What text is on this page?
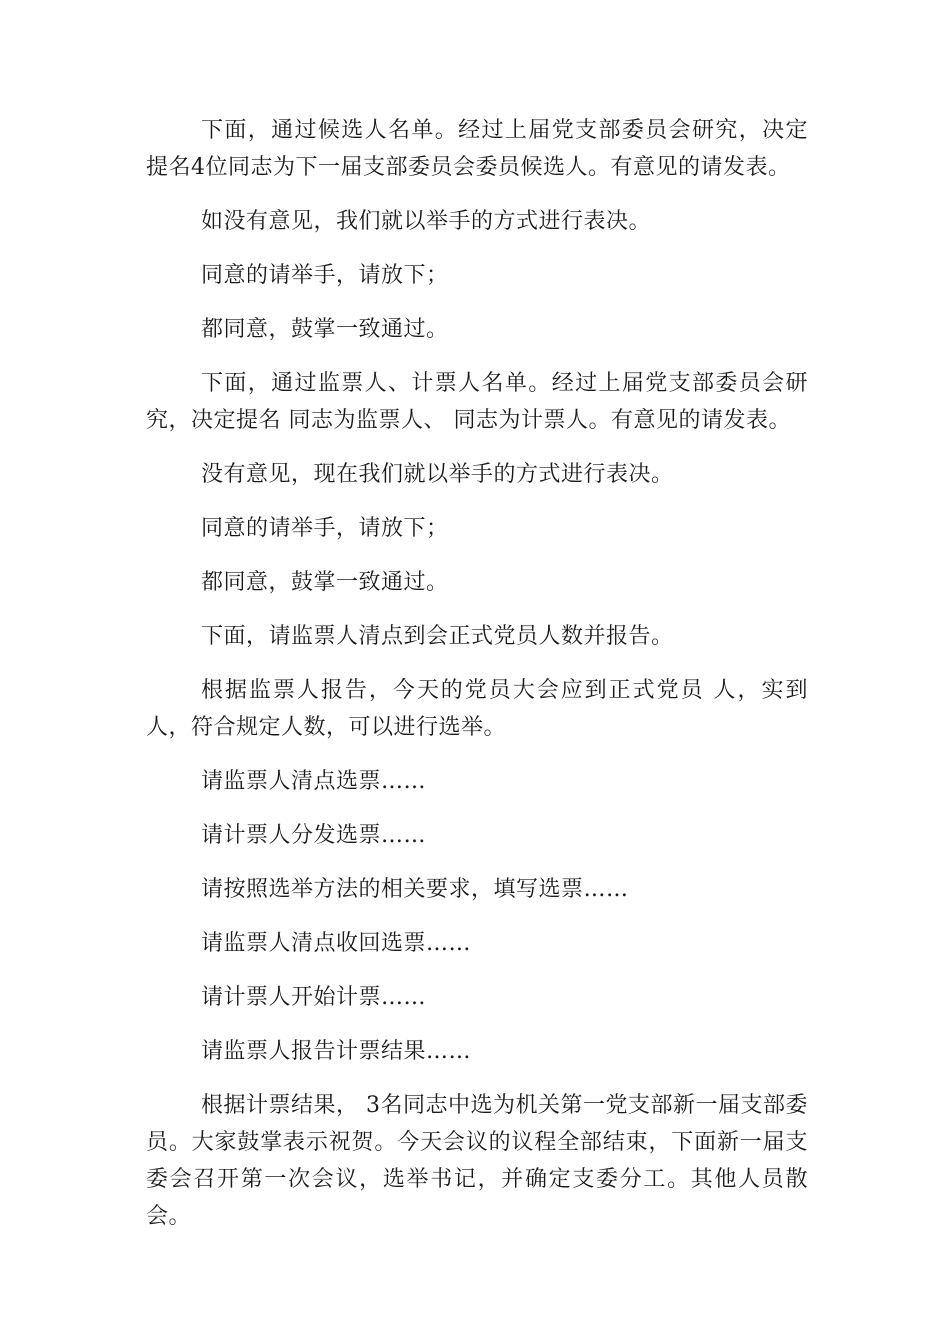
下面，通过候选人名单。经过上届党支部委员会研究，决定提名4位同志为下一届支部委员会委员候选人。有意见的请发表。

如没有意见，我们就以举手的方式进行表决。

同意的请举手，请放下；

都同意，鼓掌一致通过。

下面，通过监票人、计票人名单。经过上届党支部委员会研究，决定提名 同志为监票人、 同志为计票人。有意见的请发表。

没有意见，现在我们就以举手的方式进行表决。

同意的请举手，请放下；

都同意，鼓掌一致通过。

下面，请监票人清点到会正式党员人数并报告。

根据监票人报告，今天的党员大会应到正式党员 人，实到 人，符合规定人数，可以进行选举。

请监票人清点选票……

请计票人分发选票……

请按照选举方法的相关要求，填写选票……

请监票人清点收回选票……

请计票人开始计票……

请监票人报告计票结果……

根据计票结果， 3名同志中选为机关第一党支部新一届支部委员。大家鼓掌表示祝贺。今天会议的议程全部结束，下面新一届支委会召开第一次会议，选举书记，并确定支委分工。其他人员散会。
